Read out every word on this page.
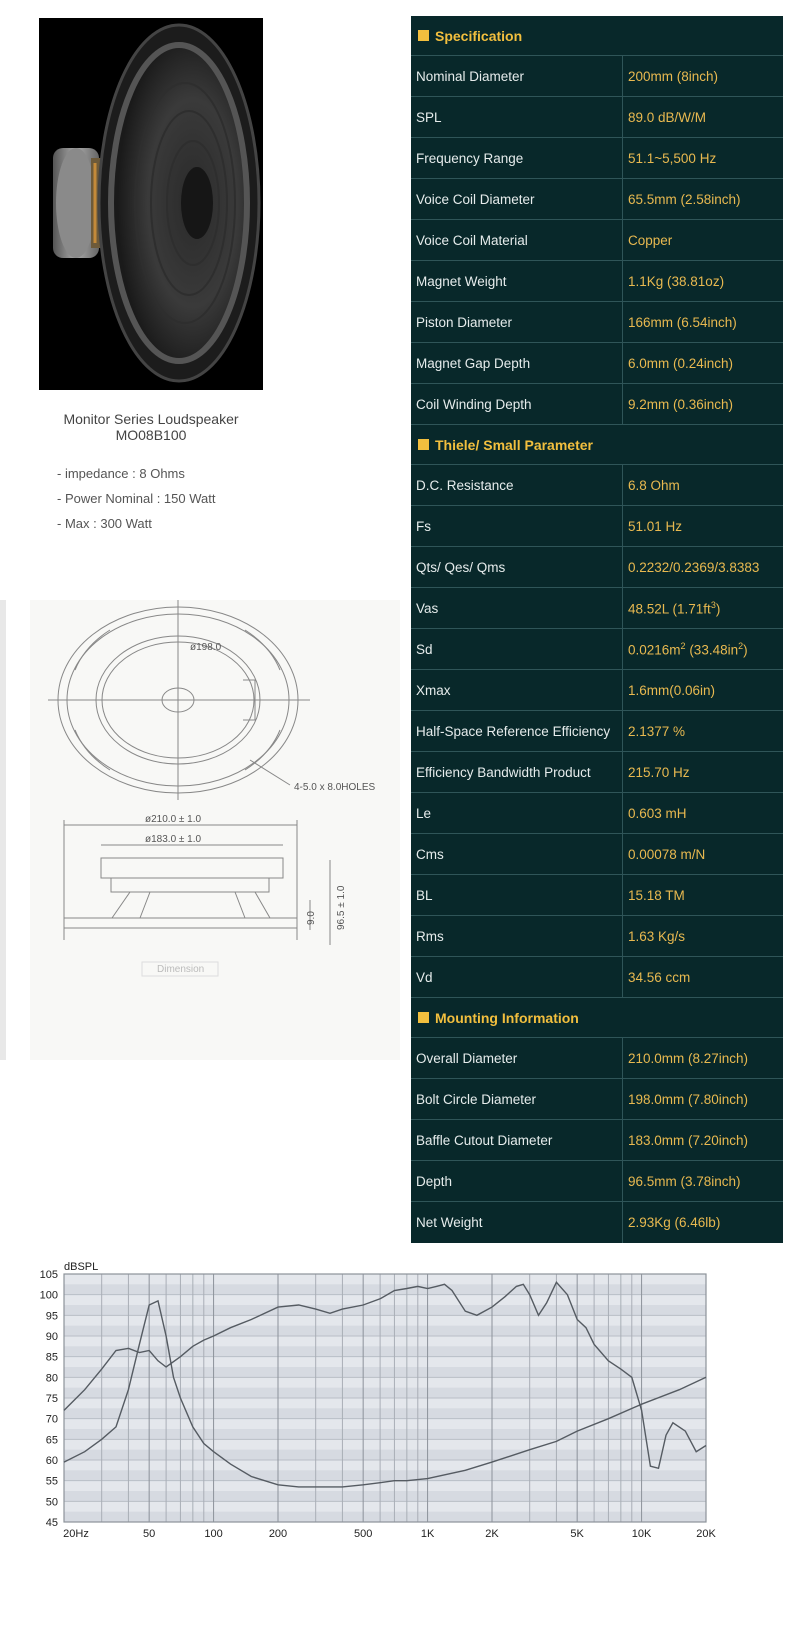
Monitor Series Loudspeaker
MO08B100
- impedance : 8 Ohms
- Power Nominal : 150 Watt
- Max : 300 Watt
ø198.0
4-5.0 x 8.0HOLES
ø210.0 ± 1.0
ø183.0 ± 1.0
9.0 96.5 ± 1.0
Dimension
Specification
Nominal Diameter	200mm (8inch)
SPL	89.0 dB/W/M
Frequency Range	51.1~5,500 Hz
Voice Coil Diameter	65.5mm (2.58inch)
Voice Coil Material	Copper
Magnet Weight	1.1Kg (38.81oz)
Piston Diameter	166mm (6.54inch)
Magnet Gap Depth	6.0mm (0.24inch)
Coil Winding Depth	9.2mm (0.36inch)
Thiele/ Small Parameter
D.C. Resistance	6.8 Ohm
Fs	51.01 Hz
Qts/ Qes/ Qms	0.2232/0.2369/3.8383
Vas	48.52L $(1.71ft^3)$
Sd	$0.0216m^2$ $(33.48in^2)$
Xmax	1.6mm(0.06in)
Half-Space Reference Efficiency	2.1377 %
Efficiency Bandwidth Product	215.70 Hz
Le	0.603 mH
Cms	0.00078 m/N
BL	15.18 TM
Rms	1.63 Kg/s
Vd	34.56 ccm
Mounting Information
Overall Diameter	210.0mm (8.27inch)
Bolt Circle Diameter	198.0mm (7.80inch)
Baffle Cutout Diameter	183.0mm (7.20inch)
Depth	96.5mm (3.78inch)
Net Weight	2.93Kg (6.46lb)
45
50
55
60
65
70
75
80
85
90
95
100
105
20Hz	50	100	200	500	1K	2K	5K	10K	20K
dBSPL
